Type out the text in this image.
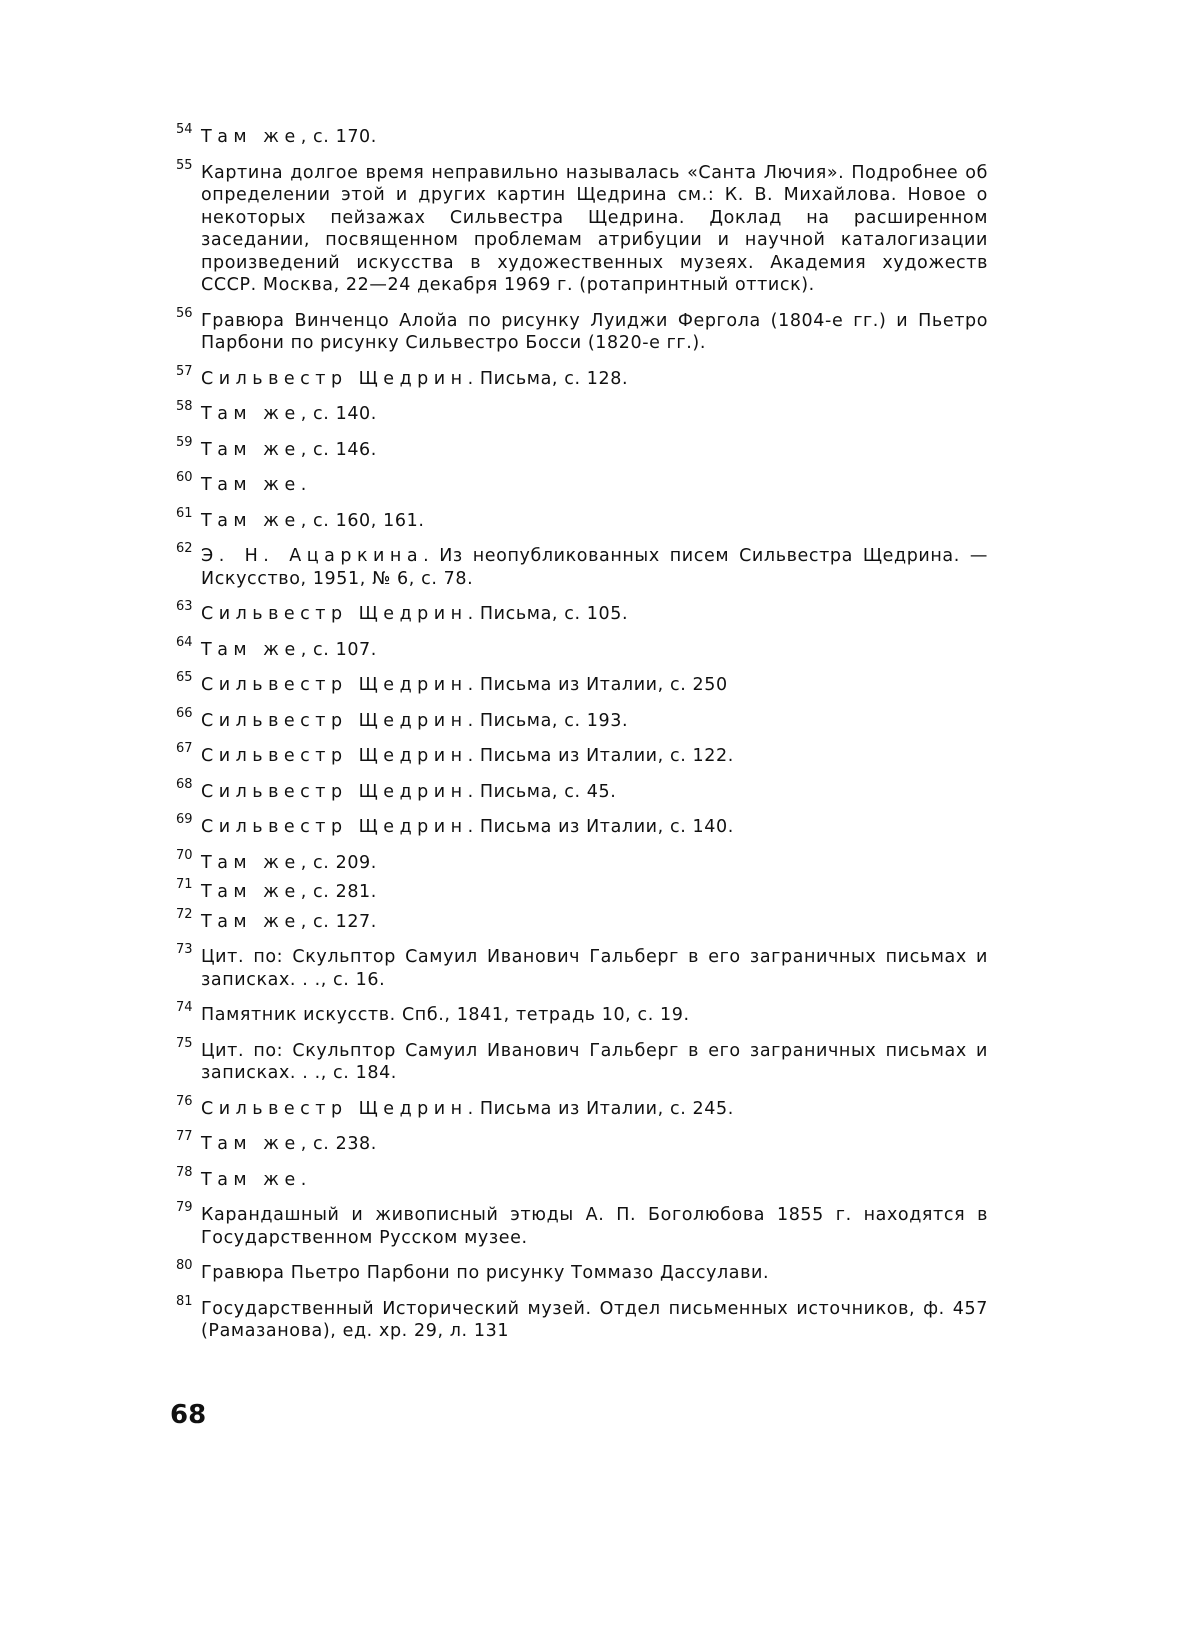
54 Там же, с. 170.
55 Картина долгое время неправильно называлась «Санта Лючия». Подробнее об определении этой и других картин Щедрина см.: К. В. Михайлова. Новое о некоторых пейзажах Сильвестра Щедрина. Доклад на расширенном заседании, посвященном проблемам атрибуции и научной каталогизации произведений искусства в художественных музеях. Академия художеств СССР. Москва, 22—24 декабря 1969 г. (ротапринтный оттиск).
56 Гравюра Винченцо Алойа по рисунку Луиджи Фергола (1804-е гг.) и Пьетро Парбони по рисунку Сильвестро Босси (1820-е гг.).
57 Сильвестр Щедрин. Письма, с. 128.
58 Там же, с. 140.
59 Там же, с. 146.
60 Там же.
61 Там же, с. 160, 161.
62 Э. Н. Ацаркина. Из неопубликованных писем Сильвестра Щедрина. — Искусство, 1951, № 6, с. 78.
63 Сильвестр Щедрин. Письма, с. 105.
64 Там же, с. 107.
65 Сильвестр Щедрин. Письма из Италии, с. 250
66 Сильвестр Щедрин. Письма, с. 193.
67 Сильвестр Щедрин. Письма из Италии, с. 122.
68 Сильвестр Щедрин. Письма, с. 45.
69 Сильвестр Щедрин. Письма из Италии, с. 140.
70 Там же, с. 209.
71 Там же, с. 281.
72 Там же, с. 127.
73 Цит. по: Скульптор Самуил Иванович Гальберг в его заграничных письмах и записках. . ., с. 16.
74 Памятник искусств. Спб., 1841, тетрадь 10, с. 19.
75 Цит. по: Скульптор Самуил Иванович Гальберг в его заграничных письмах и записках. . ., с. 184.
76 Сильвестр Щедрин. Письма из Италии, с. 245.
77 Там же, с. 238.
78 Там же.
79 Карандашный и живописный этюды А. П. Боголюбова 1855 г. находятся в Государственном Русском музее.
80 Гравюра Пьетро Парбони по рисунку Томмазо Дассулави.
81 Государственный Исторический музей. Отдел письменных источников, ф. 457 (Рамазанова), ед. хр. 29, л. 131
68
